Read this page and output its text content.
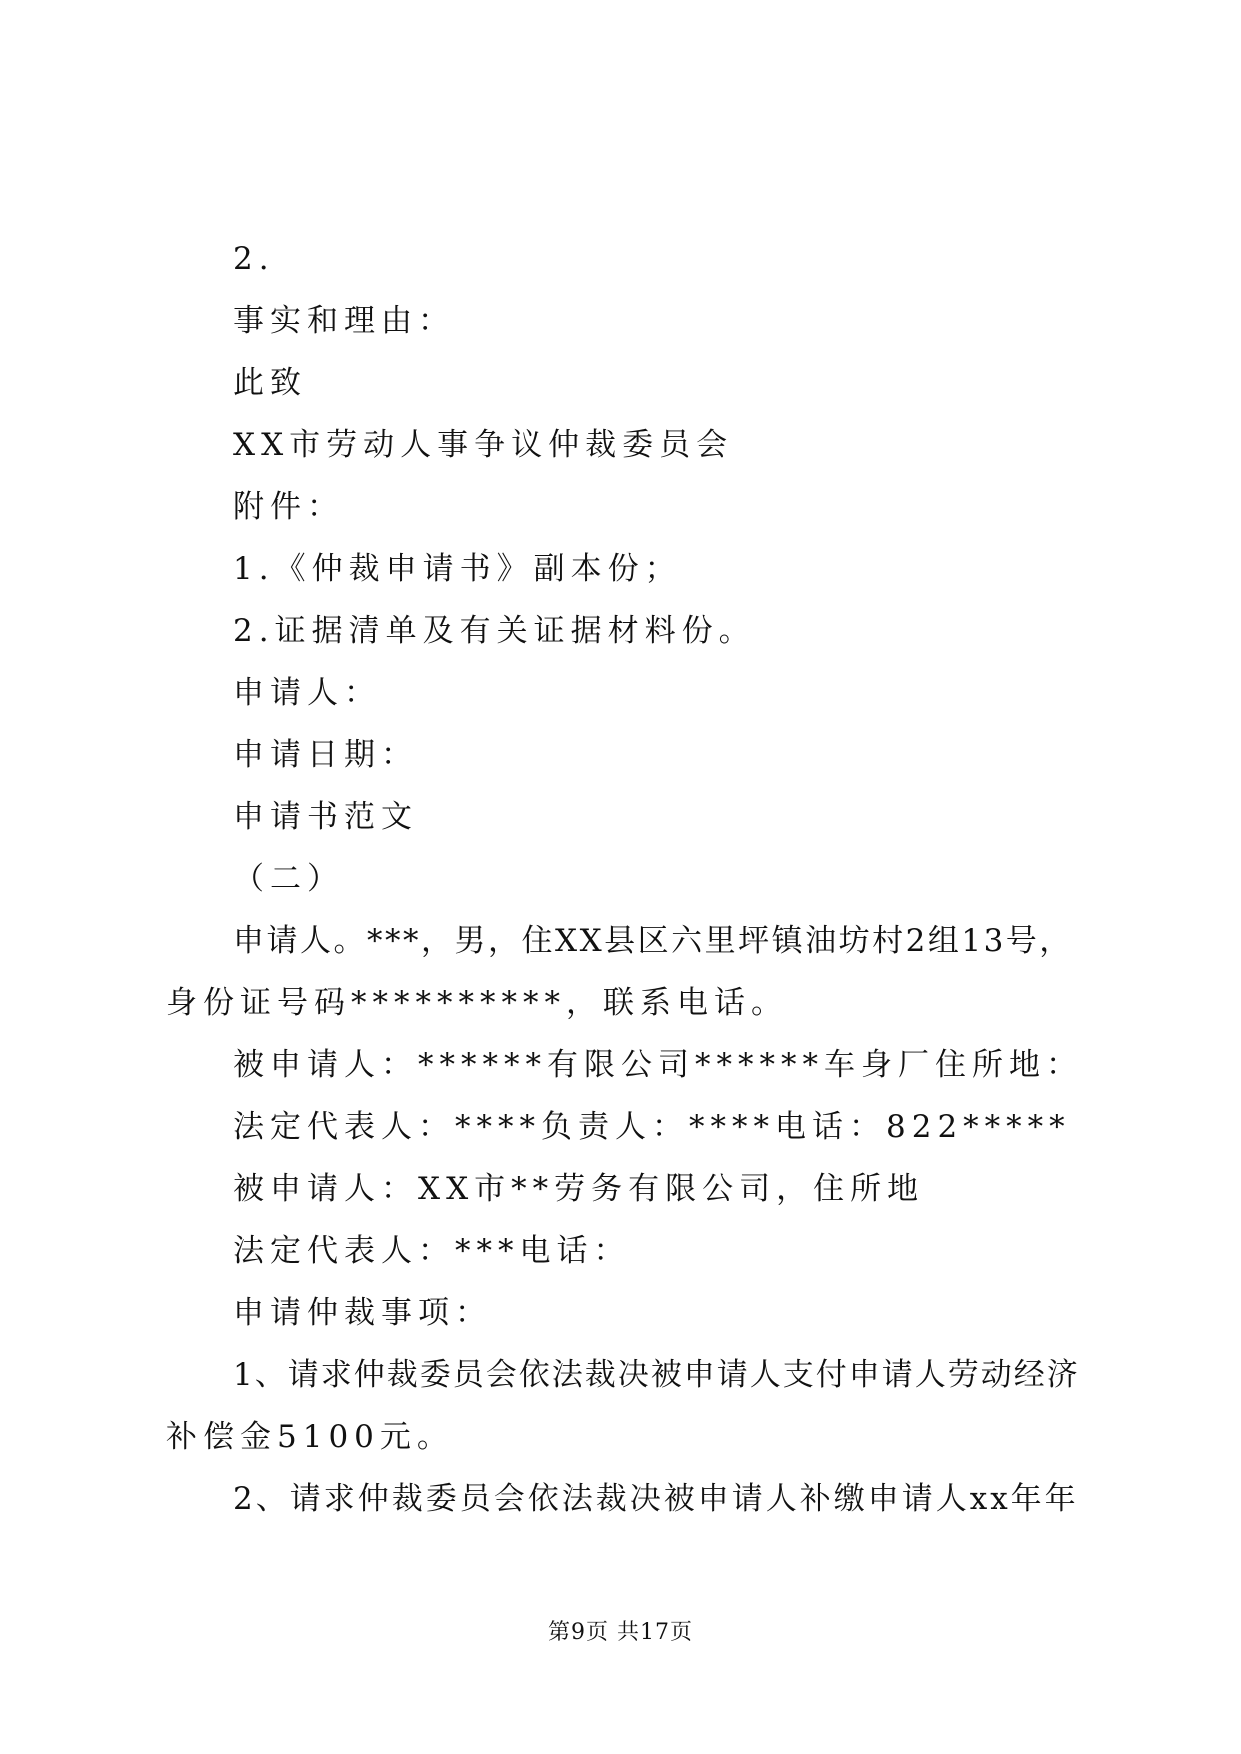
2.

事实和理由：

此致

XX市劳动人事争议仲裁委员会

附件：

1.《仲裁申请书》副本份；

2.证据清单及有关证据材料份。

申请人：

申请日期：

申请书范文

（二）

申请人。***，男，住XX县区六里坪镇油坊村2组13号，

身份证号码**********，联系电话。

被申请人：******有限公司******车身厂住所地：

法定代表人：****负责人：****电话：822*****

被申请人：XX市**劳务有限公司，住所地

法定代表人：***电话：

申请仲裁事项：

1、请求仲裁委员会依法裁决被申请人支付申请人劳动经济

补偿金5100元。

2、请求仲裁委员会依法裁决被申请人补缴申请人xx年年

第9页 共17页
